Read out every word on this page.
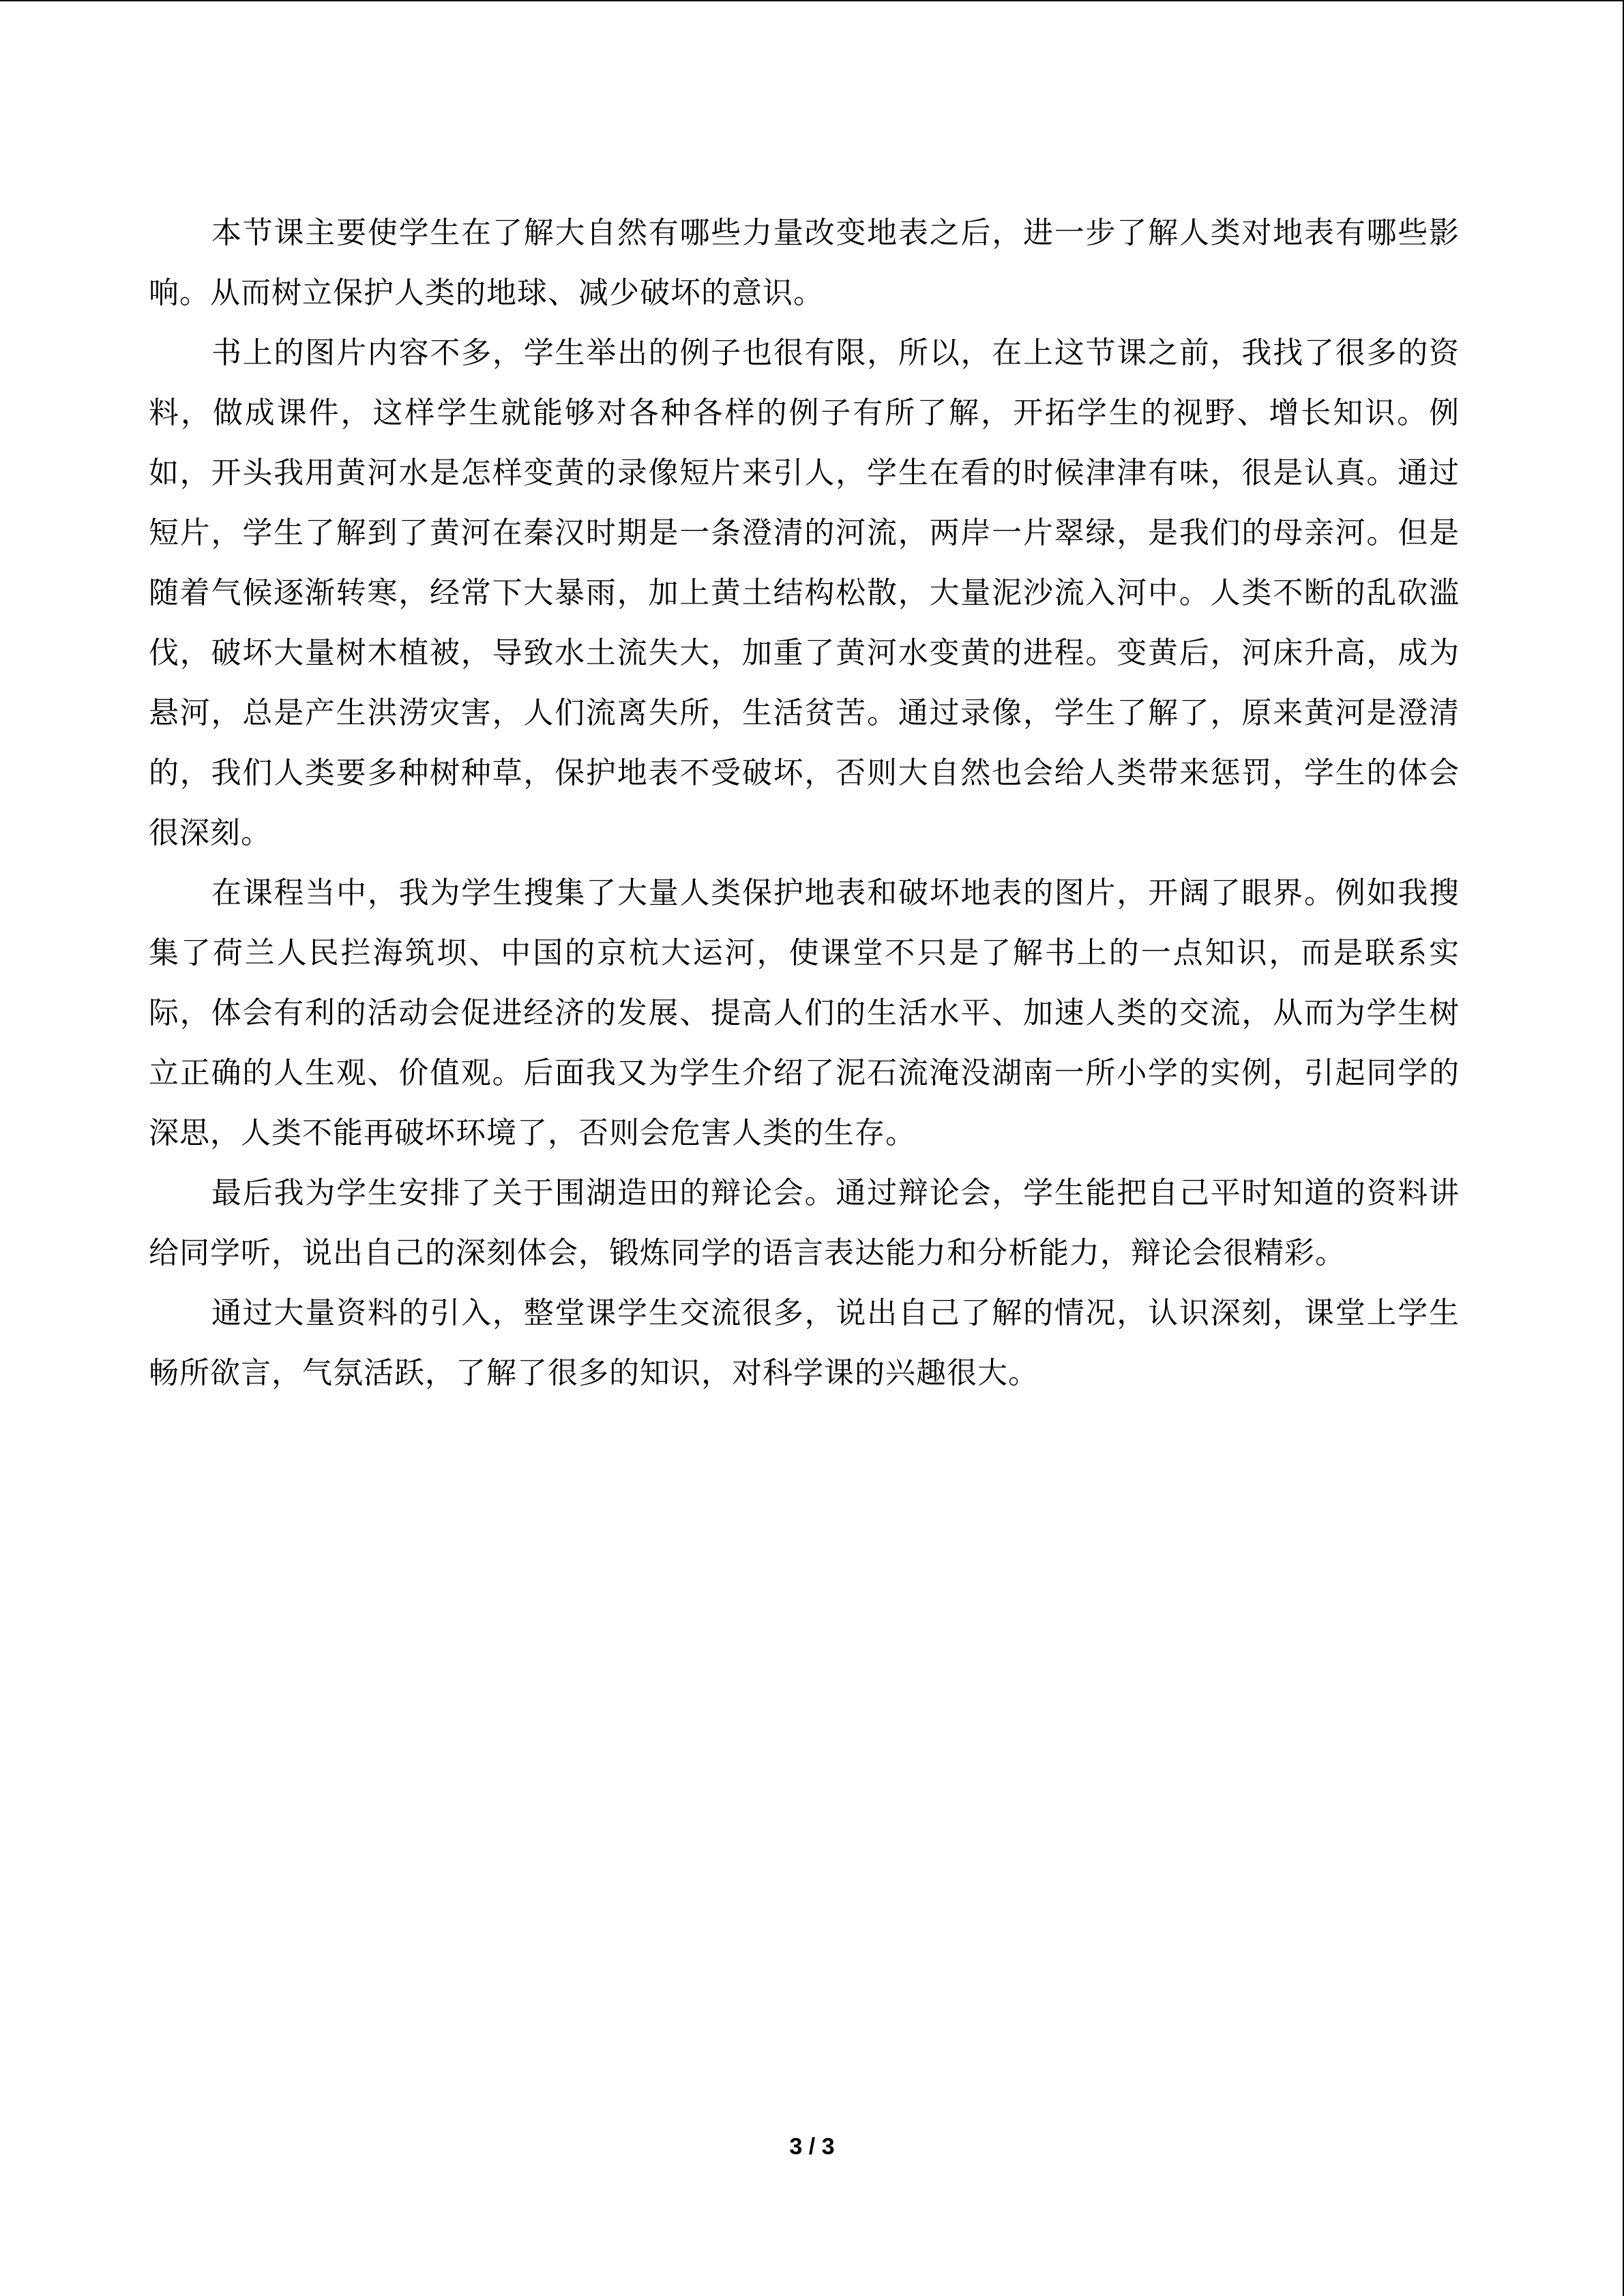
本节课主要使学生在了解大自然有哪些力量改变地表之后，进一步了解人类对地表有哪些影响。从而树立保护人类的地球、减少破坏的意识。

书上的图片内容不多，学生举出的例子也很有限，所以，在上这节课之前，我找了很多的资料，做成课件，这样学生就能够对各种各样的例子有所了解，开拓学生的视野、增长知识。例如，开头我用黄河水是怎样变黄的录像短片来引人，学生在看的时候津津有味，很是认真。通过短片，学生了解到了黄河在秦汉时期是一条澄清的河流，两岸一片翠绿，是我们的母亲河。但是随着气候逐渐转寒，经常下大暴雨，加上黄土结构松散，大量泥沙流入河中。人类不断的乱砍滥伐，破坏大量树木植被，导致水土流失大，加重了黄河水变黄的进程。变黄后，河床升高，成为悬河，总是产生洪涝灾害，人们流离失所，生活贫苦。通过录像，学生了解了，原来黄河是澄清的，我们人类要多种树种草，保护地表不受破坏，否则大自然也会给人类带来惩罚，学生的体会很深刻。

在课程当中，我为学生搜集了大量人类保护地表和破坏地表的图片，开阔了眼界。例如我搜集了荷兰人民拦海筑坝、中国的京杭大运河，使课堂不只是了解书上的一点知识，而是联系实际，体会有利的活动会促进经济的发展、提高人们的生活水平、加速人类的交流，从而为学生树立正确的人生观、价值观。后面我又为学生介绍了泥石流淹没湖南一所小学的实例，引起同学的深思，人类不能再破坏环境了，否则会危害人类的生存。

最后我为学生安排了关于围湖造田的辩论会。通过辩论会，学生能把自己平时知道的资料讲给同学听，说出自己的深刻体会，锻炼同学的语言表达能力和分析能力，辩论会很精彩。

通过大量资料的引入，整堂课学生交流很多，说出自己了解的情况，认识深刻，课堂上学生畅所欲言，气氛活跃，了解了很多的知识，对科学课的兴趣很大。

3 / 3
